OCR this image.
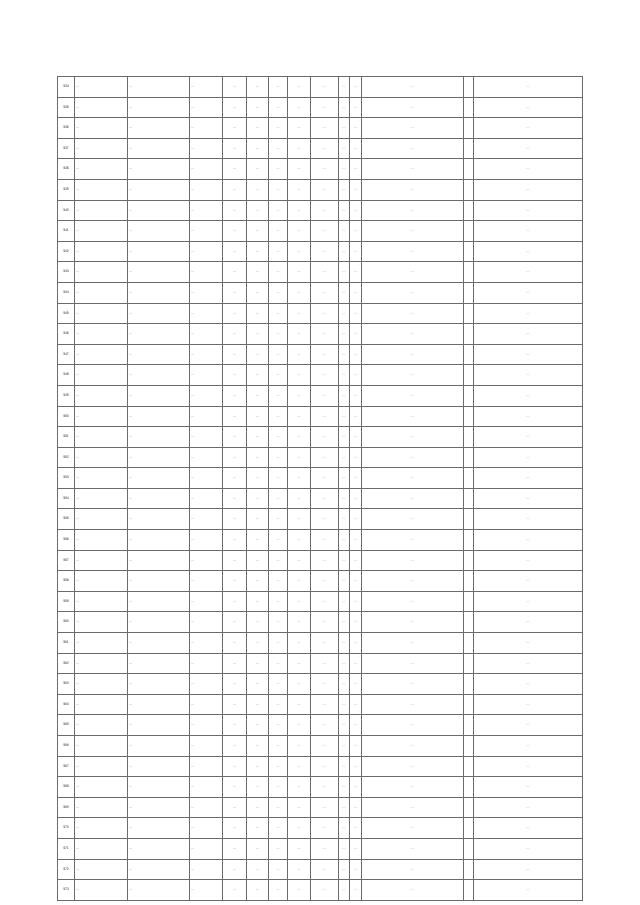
534	…	…	…	…	…	…	…	…	…	…	…		…
535	…	…	…	…	…	…	…	…	…	…	…		…
536	…	…	…	…	…	…	…	…	…	…	…		…
537	…	…	…	…	…	…	…	…	…	…	…		…
538	…	…	…	…	…	…	…	…	…	…	…		…
539	…	…	…	…	…	…	…	…	…	…	…		…
540	…	…	…	…	…	…	…	…	…	…	…		…
541	…	…	…	…	…	…	…	…	…	…	…		…
542	…	…	…	…	…	…	…	…	…	…	…		…
543	…	…	…	…	…	…	…	…	…	…	…		…
544	…	…	…	…	…	…	…	…	…	…	…		…
545	…	…	…	…	…	…	…	…	…	…	…		…
546	…	…	…	…	…	…	…	…	…	…	…		…
547	…	…	…	…	…	…	…	…	…	…	…		…
548	…	…	…	…	…	…	…	…	…	…	…		…
549	…	…	…	…	…	…	…	…	…	…	…		…
550	…	…	…	…	…	…	…	…	…	…	…		…
551	…	…	…	…	…	…	…	…	…	…	…		…
552	…	…	…	…	…	…	…	…	…	…	…		…
553	…	…	…	…	…	…	…	…	…	…	…		…
554	…	…	…	…	…	…	…	…	…	…	…		…
555	…	…	…	…	…	…	…	…	…	…	…		…
556	…	…	…	…	…	…	…	…	…	…	…		…
557	…	…	…	…	…	…	…	…	…	…	…		…
558	…	…	…	…	…	…	…	…	…	…	…		…
559	…	…	…	…	…	…	…	…	…	…	…		…
560	…	…	…	…	…	…	…	…	…	…	…		…
561	…	…	…	…	…	…	…	…	…	…	…		…
562	…	…	…	…	…	…	…	…	…	…	…		…
563	…	…	…	…	…	…	…	…	…	…	…		…
564	…	…	…	…	…	…	…	…	…	…	…		…
565	…	…	…	…	…	…	…	…	…	…	…		…
566	…	…	…	…	…	…	…	…	…	…	…		…
567	…	…	…	…	…	…	…	…	…	…	…		…
568	…	…	…	…	…	…	…	…	…	…	…		…
569	…	…	…	…	…	…	…	…	…	…	…		…
570	…	…	…	…	…	…	…	…	…	…	…		…
571	…	…	…	…	…	…	…	…	…	…	…		…
572	…	…	…	…	…	…	…	…	…	…	…		…
573	…	…	…	…	…	…	…	…	…	…	…		…
